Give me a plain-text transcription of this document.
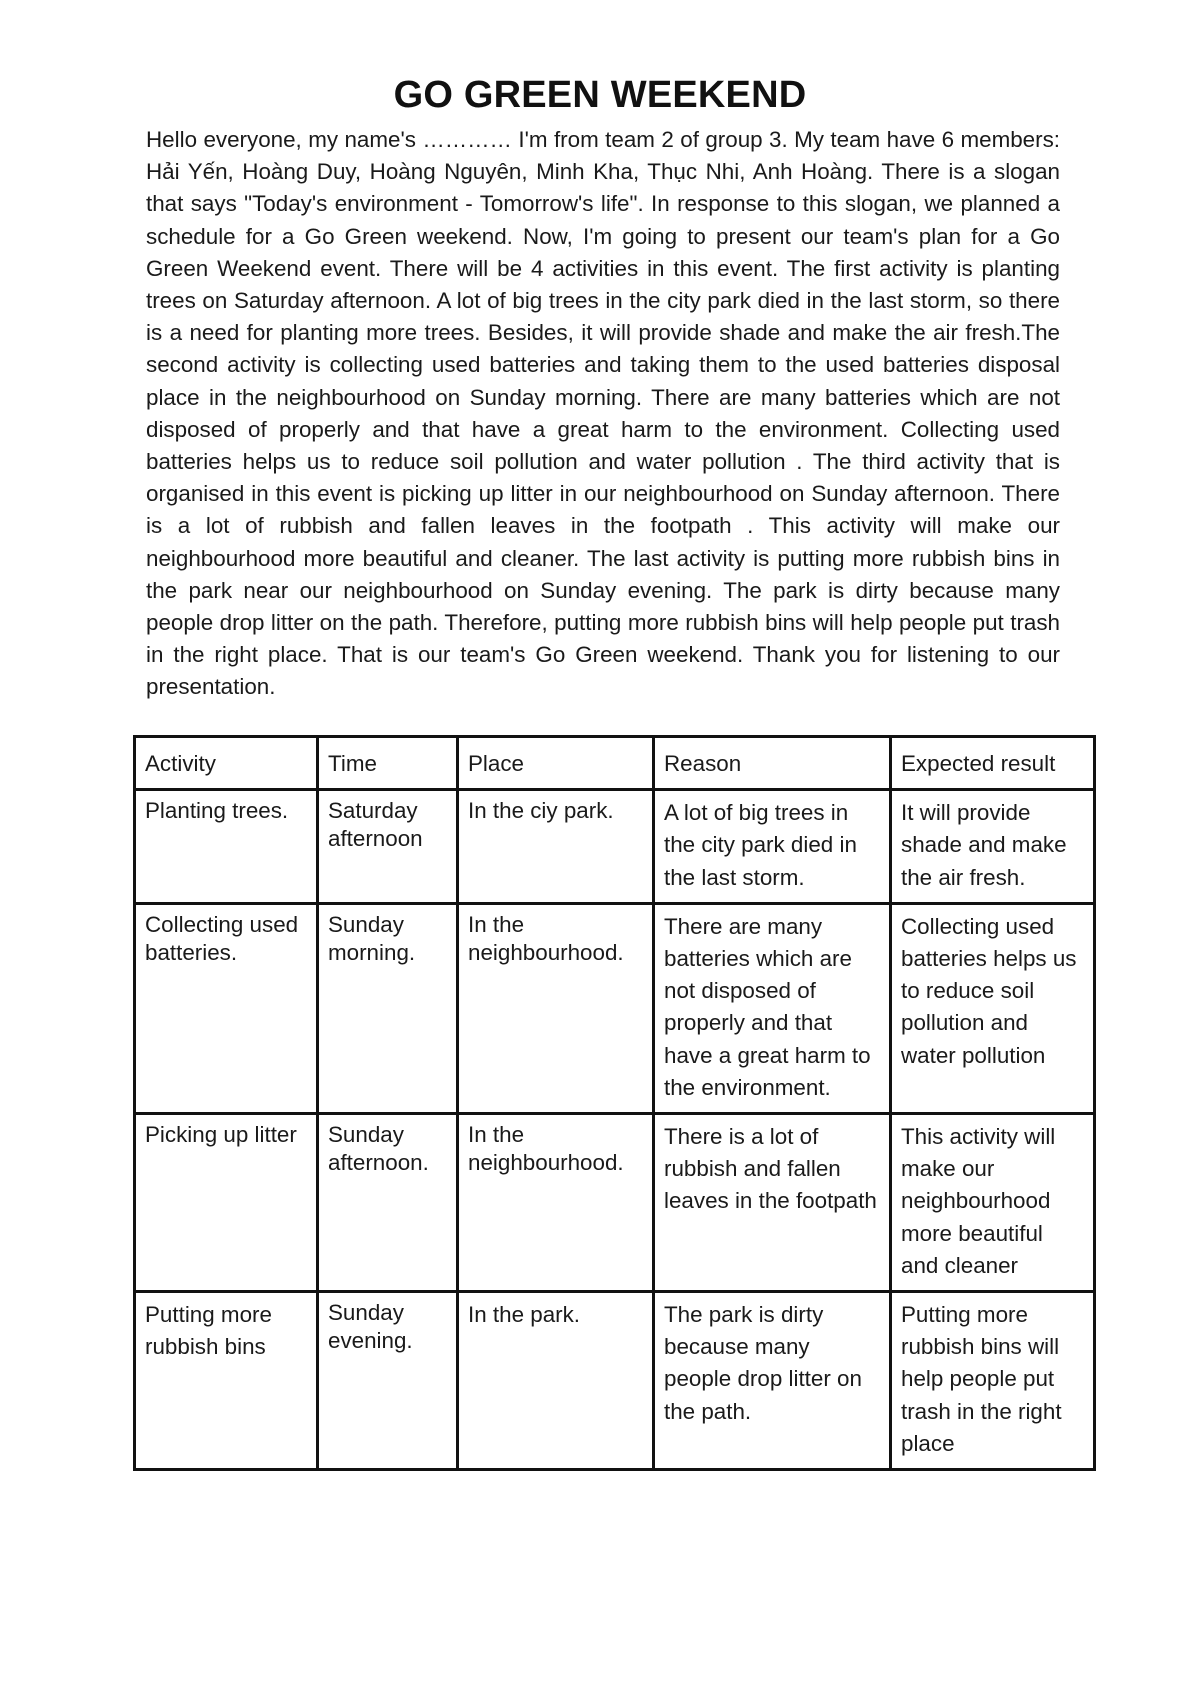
GO GREEN WEEKEND

Hello everyone, my name's ………… I'm from team 2 of group 3. My team have 6 members: Hải Yến, Hoàng Duy, Hoàng Nguyên, Minh Kha, Thục Nhi, Anh Hoàng. There is a slogan that says "Today's environment - Tomorrow's life". In response to this slogan, we planned a schedule for a Go Green weekend. Now, I'm going to present our team's plan for a Go Green Weekend event. There will be 4 activities in this event. The first activity is planting trees on Saturday afternoon. A lot of big trees in the city park died in the last storm, so there is a need for planting more trees. Besides, it will provide shade and make the air fresh.The second activity is collecting used batteries and taking them to the used batteries disposal place in the neighbourhood on Sunday morning. There are many batteries which are not disposed of properly and that have a great harm to the environment. Collecting used batteries helps us to reduce soil pollution and water pollution . The third activity that is organised in this event is picking up litter in our neighbourhood on Sunday afternoon. There is a lot of rubbish and fallen leaves in the footpath . This activity will make our neighbourhood more beautiful and cleaner. The last activity is putting more rubbish bins in the park near our neighbourhood on Sunday evening. The park is dirty because many people drop litter on the path. Therefore, putting more rubbish bins will help people put trash in the right place. That is our team's Go Green weekend. Thank you for listening to our presentation.

Activity	Time	Place	Reason	Expected result

Planting trees.	Saturday afternoon	In the ciy park.	A lot of big trees in the city park died in the last storm.	It will provide shade and make the air fresh.

Collecting used batteries.	Sunday morning.	In the neighbourhood.	There are many batteries which are not disposed of properly and that have a great harm to the environment.	Collecting used batteries helps us to reduce soil pollution and water pollution

Picking up litter	Sunday afternoon.	In the neighbourhood.	There is a lot of rubbish and fallen leaves in the footpath	This activity will make our neighbourhood more beautiful and cleaner
Putting more rubbish bins	Sunday evening.	In the park.	The park is dirty because many people drop litter on the path.	Putting more rubbish bins will help people put trash in the right place
